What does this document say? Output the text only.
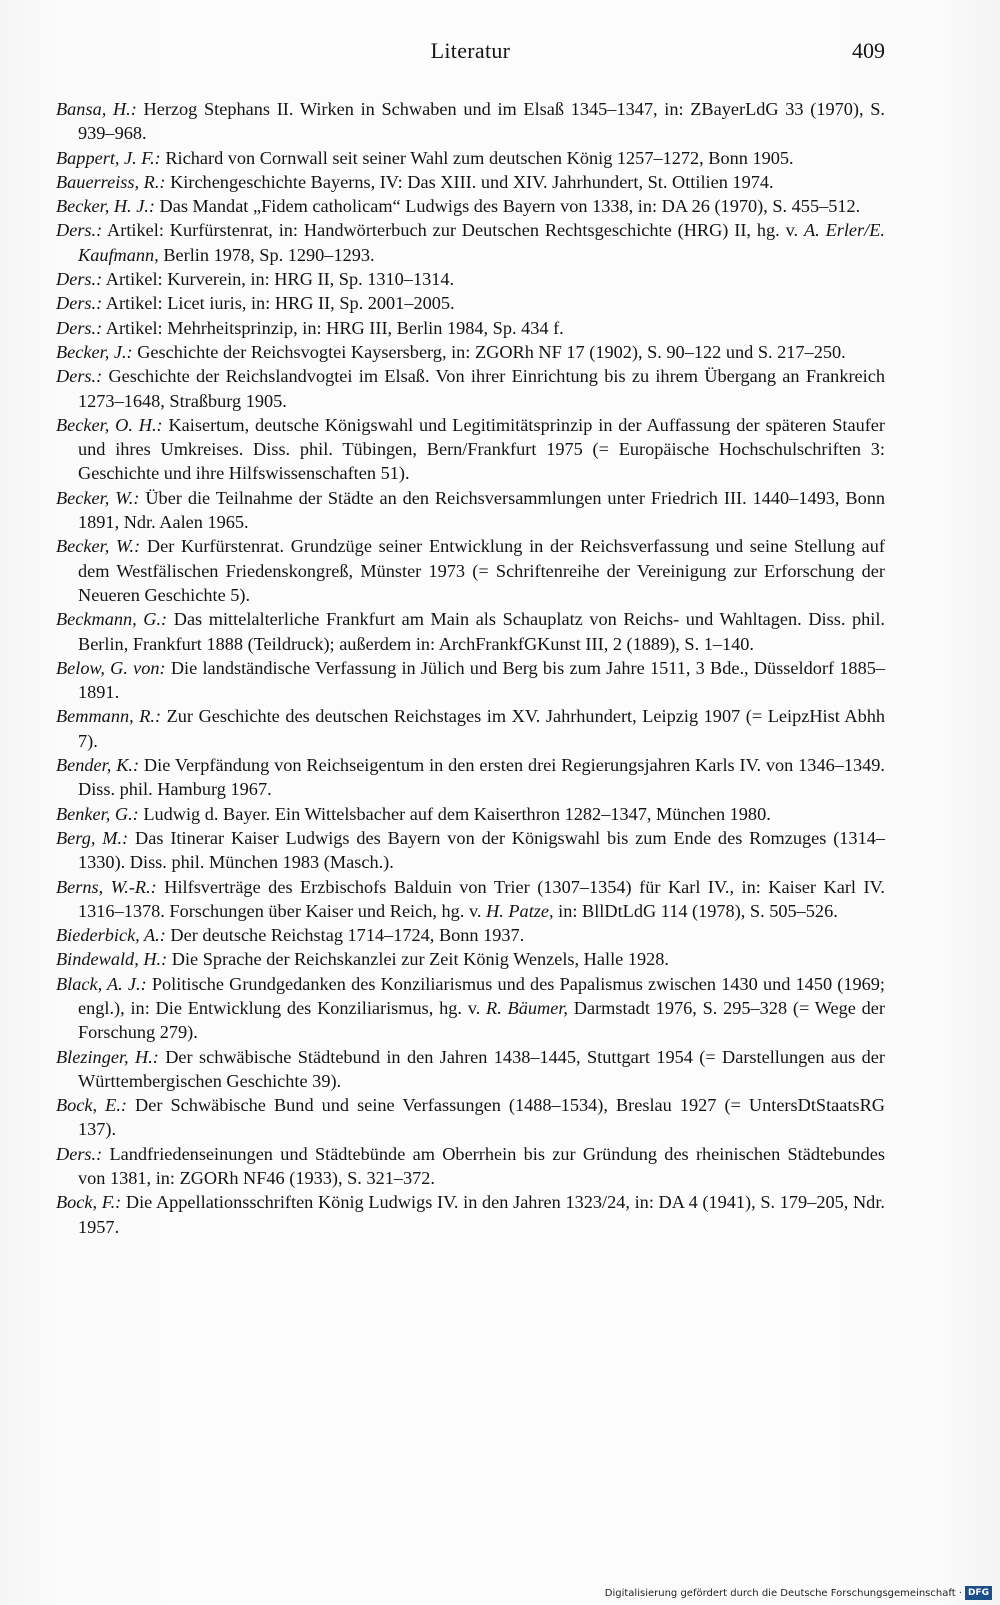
Literatur	409

Bansa, H.: Herzog Stephans II. Wirken in Schwaben und im Elsaß 1345–1347, in: ZBayerLdG 33 (1970), S. 939–968.

Bappert, J. F.: Richard von Cornwall seit seiner Wahl zum deutschen König 1257–1272, Bonn 1905.

Bauerreiss, R.: Kirchengeschichte Bayerns, IV: Das XIII. und XIV. Jahrhundert, St. Ottilien 1974.

Becker, H. J.: Das Mandat „Fidem catholicam“ Ludwigs des Bayern von 1338, in: DA 26 (1970), S. 455–512.

Ders.: Artikel: Kurfürstenrat, in: Handwörterbuch zur Deutschen Rechtsgeschichte (HRG) II, hg. v. A. Erler/E. Kaufmann, Berlin 1978, Sp. 1290–1293.

Ders.: Artikel: Kurverein, in: HRG II, Sp. 1310–1314.

Ders.: Artikel: Licet iuris, in: HRG II, Sp. 2001–2005.

Ders.: Artikel: Mehrheitsprinzip, in: HRG III, Berlin 1984, Sp. 434 f.

Becker, J.: Geschichte der Reichsvogtei Kaysersberg, in: ZGORh NF 17 (1902), S. 90–122 und S. 217–250.

Ders.: Geschichte der Reichslandvogtei im Elsaß. Von ihrer Einrichtung bis zu ihrem Übergang an Frankreich 1273–1648, Straßburg 1905.

Becker, O. H.: Kaisertum, deutsche Königswahl und Legitimitätsprinzip in der Auffassung der späteren Staufer und ihres Umkreises. Diss. phil. Tübingen, Bern/Frankfurt 1975 (= Europäische Hochschulschriften 3: Geschichte und ihre Hilfswissenschaften 51).

Becker, W.: Über die Teilnahme der Städte an den Reichsversammlungen unter Friedrich III. 1440–1493, Bonn 1891, Ndr. Aalen 1965.

Becker, W.: Der Kurfürstenrat. Grundzüge seiner Entwicklung in der Reichsverfassung und seine Stellung auf dem Westfälischen Friedenskongreß, Münster 1973 (= Schriftenreihe der Vereinigung zur Erforschung der Neueren Geschichte 5).

Beckmann, G.: Das mittelalterliche Frankfurt am Main als Schauplatz von Reichs- und Wahltagen. Diss. phil. Berlin, Frankfurt 1888 (Teildruck); außerdem in: ArchFrankfGKunst III, 2 (1889), S. 1–140.

Below, G. von: Die landständische Verfassung in Jülich und Berg bis zum Jahre 1511, 3 Bde., Düsseldorf 1885–1891.

Bemmann, R.: Zur Geschichte des deutschen Reichstages im XV. Jahrhundert, Leipzig 1907 (= LeipzHist Abhh 7).

Bender, K.: Die Verpfändung von Reichseigentum in den ersten drei Regierungsjahren Karls IV. von 1346–1349. Diss. phil. Hamburg 1967.

Benker, G.: Ludwig d. Bayer. Ein Wittelsbacher auf dem Kaiserthron 1282–1347, München 1980.

Berg, M.: Das Itinerar Kaiser Ludwigs des Bayern von der Königswahl bis zum Ende des Romzuges (1314–1330). Diss. phil. München 1983 (Masch.).

Berns, W.-R.: Hilfsverträge des Erzbischofs Balduin von Trier (1307–1354) für Karl IV., in: Kaiser Karl IV. 1316–1378. Forschungen über Kaiser und Reich, hg. v. H. Patze, in: BllDtLdG 114 (1978), S. 505–526.

Biederbick, A.: Der deutsche Reichstag 1714–1724, Bonn 1937.

Bindewald, H.: Die Sprache der Reichskanzlei zur Zeit König Wenzels, Halle 1928.

Black, A. J.: Politische Grundgedanken des Konziliarismus und des Papalismus zwischen 1430 und 1450 (1969; engl.), in: Die Entwicklung des Konziliarismus, hg. v. R. Bäumer, Darmstadt 1976, S. 295–328 (= Wege der Forschung 279).

Blezinger, H.: Der schwäbische Städtebund in den Jahren 1438–1445, Stuttgart 1954 (= Darstellungen aus der Württembergischen Geschichte 39).

Bock, E.: Der Schwäbische Bund und seine Verfassungen (1488–1534), Breslau 1927 (= UntersDtStaatsRG 137).

Ders.: Landfriedenseinungen und Städtebünde am Oberrhein bis zur Gründung des rheinischen Städtebundes von 1381, in: ZGORh NF46 (1933), S. 321–372.

Bock, F.: Die Appellationsschriften König Ludwigs IV. in den Jahren 1323/24, in: DA 4 (1941), S. 179–205, Ndr. 1957.

Digitalisierung gefördert durch die Deutsche Forschungsgemeinschaft · DFG
